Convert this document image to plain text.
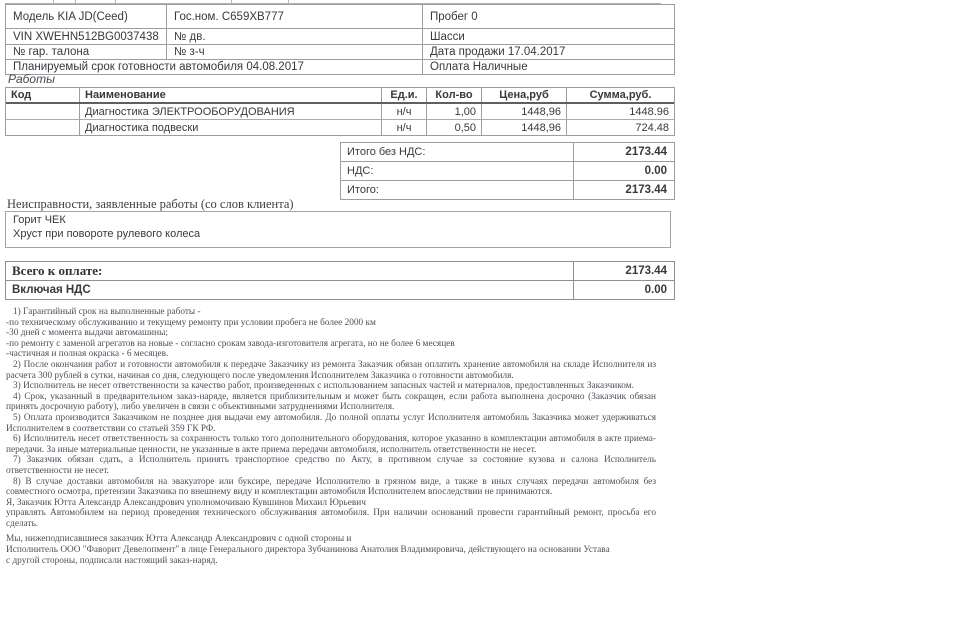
Модель KIA JD(Ceed)	Гос.ном. С659ХВ777	Пробег 0
VIN XWEHN512BG0037438	№ дв.	Шасси
№ гар. талона	№ з-ч	Дата продажи 17.04.2017
Планируемый срок готовности автомобиля 04.08.2017	Оплата Наличные
Работы
Код	Наименование	Ед.и.	Кол-во	Цена,руб	Сумма,руб.
Диагностика ЭЛЕКТРООБОРУДОВАНИЯ	н/ч	1,00	1448,96	1448.96
Диагностика подвески	н/ч	0,50	1448,96	724.48
Итого без НДС:	2173.44
НДС:	0.00
Итого:	2173.44
Неисправности, заявленные работы (со слов клиента)
Горит ЧЕК
Хруст при повороте рулевого колеса
Всего к оплате:	2173.44
Включая НДС	0.00

1) Гарантийный срок на выполненные работы -

-по техническому обслуживанию и текущему ремонту при условии пробега не более 2000 км

-30 дней с момента выдачи автомашины;

-по ремонту с заменой агрегатов на новые - согласно срокам завода-изготовителя агрегата, но не более 6 месяцев

-частичная и полная окраска - 6 месяцев.

2) После окончания работ и готовности автомобиля к передаче Заказчику из ремонта Заказчик обязан оплатить хранение автомобиля на складе Исполнителя из расчета 300 рублей в сутки, начиная со дня, следующего после уведомления Исполнителем Заказчика о готовности автомобиля.

3) Исполнитель не несет ответственности за качество работ, произведенных с использованием запасных частей и материалов, предоставленных Заказчиком.

4) Срок, указанный в предварительном заказ-наряде, является приблизительным и может быть сокращен, если работа выполнена досрочно (Заказчик обязан принять досрочную работу), либо увеличен в связи с объективными затруднениями Исполнителя.

5) Оплата производится Заказчиком не позднее дня выдачи ему автомобиля. До полной оплаты услуг Исполнителя автомобиль Заказчика может удерживаться Исполнителем в соответствии со статьей 359 ГК РФ.

6) Исполнитель несет ответственность за сохранность только того дополнительного оборудования, которое указанно в комплектации автомобиля в акте приема-передачи. За иные материальные ценности, не указанные в акте приема передачи автомобиля, исполнитель ответственности не несет.

7) Заказчик обязан сдать, а Исполнитель принять транспортное средство по Акту, в противном случае за состояние кузова и салона Исполнитель ответственности не несет.

8) В случае доставки автомобиля на эвакуаторе или буксире, передаче Исполнителю в грязном виде, а также в иных случаях передачи автомобиля без совместного осмотра, претензии Заказчика по внешнему виду и комплектации автомобиля Исполнителем впоследствии не принимаются.

Я, Заказчик Ютта Александр Александрович уполномочиваю Кувшинов Михаил Юрьевич

управлять Автомобилем на период проведения технического обслуживания автомобиля. При наличии оснований провести гарантийный ремонт, просьба его сделать.

Мы, нижеподписавшиеся заказчик Ютта Александр Александрович с одной стороны и

Исполнитель ООО "Фаворит Девелопмент" в лице Генерального директора Зубчанинова Анатолия Владимировича, действующего на основании Устава

с другой стороны, подписали настоящий заказ-наряд.
